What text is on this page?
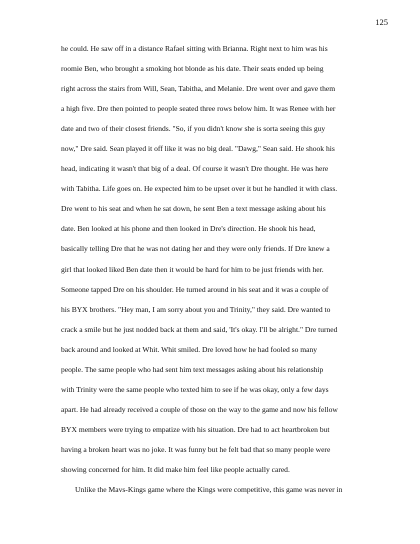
125
he could. He saw off in a distance Rafael sitting with Brianna. Right next to him was his
roomie Ben, who brought a smoking hot blonde as his date. Their seats ended up being
right across the stairs from Will, Sean, Tabitha, and Melanie. Dre went over and gave them
a high five. Dre then pointed to people seated three rows below him. It was Renee with her
date and two of their closest friends. "So, if you didn't know she is sorta seeing this guy
now," Dre said. Sean played it off like it was no big deal. "Dawg," Sean said. He shook his
head, indicating it wasn't that big of a deal. Of course it wasn't Dre thought. He was here
with Tabitha. Life goes on. He expected him to be upset over it but he handled it with class.
Dre went to his seat and when he sat down, he sent Ben a text message asking about his
date. Ben looked at his phone and then looked in Dre's direction. He shook his head,
basically telling Dre that he was not dating her and they were only friends. If Dre knew a
girl that looked liked Ben date then it would be hard for him to be just friends with her.
Someone tapped Dre on his shoulder. He turned around in his seat and it was a couple of
his BYX brothers. "Hey man, I am sorry about you and Trinity," they said. Dre wanted to
crack a smile but he just nodded back at them and said, 'It's okay. I'll be alright." Dre turned
back around and looked at Whit. Whit smiled. Dre loved how he had fooled so many
people. The same people who had sent him text messages asking about his relationship
with Trinity were the same people who texted him to see if he was okay, only a few days
apart. He had already received a couple of those on the way to the game and now his fellow
BYX members were trying to empatize with his situation. Dre had to act heartbroken but
having a broken heart was no joke. It was funny but he felt bad that so many people were
showing concerned for him. It did make him feel like people actually cared.
Unlike the Mavs-Kings game where the Kings were competitive, this game was never in
